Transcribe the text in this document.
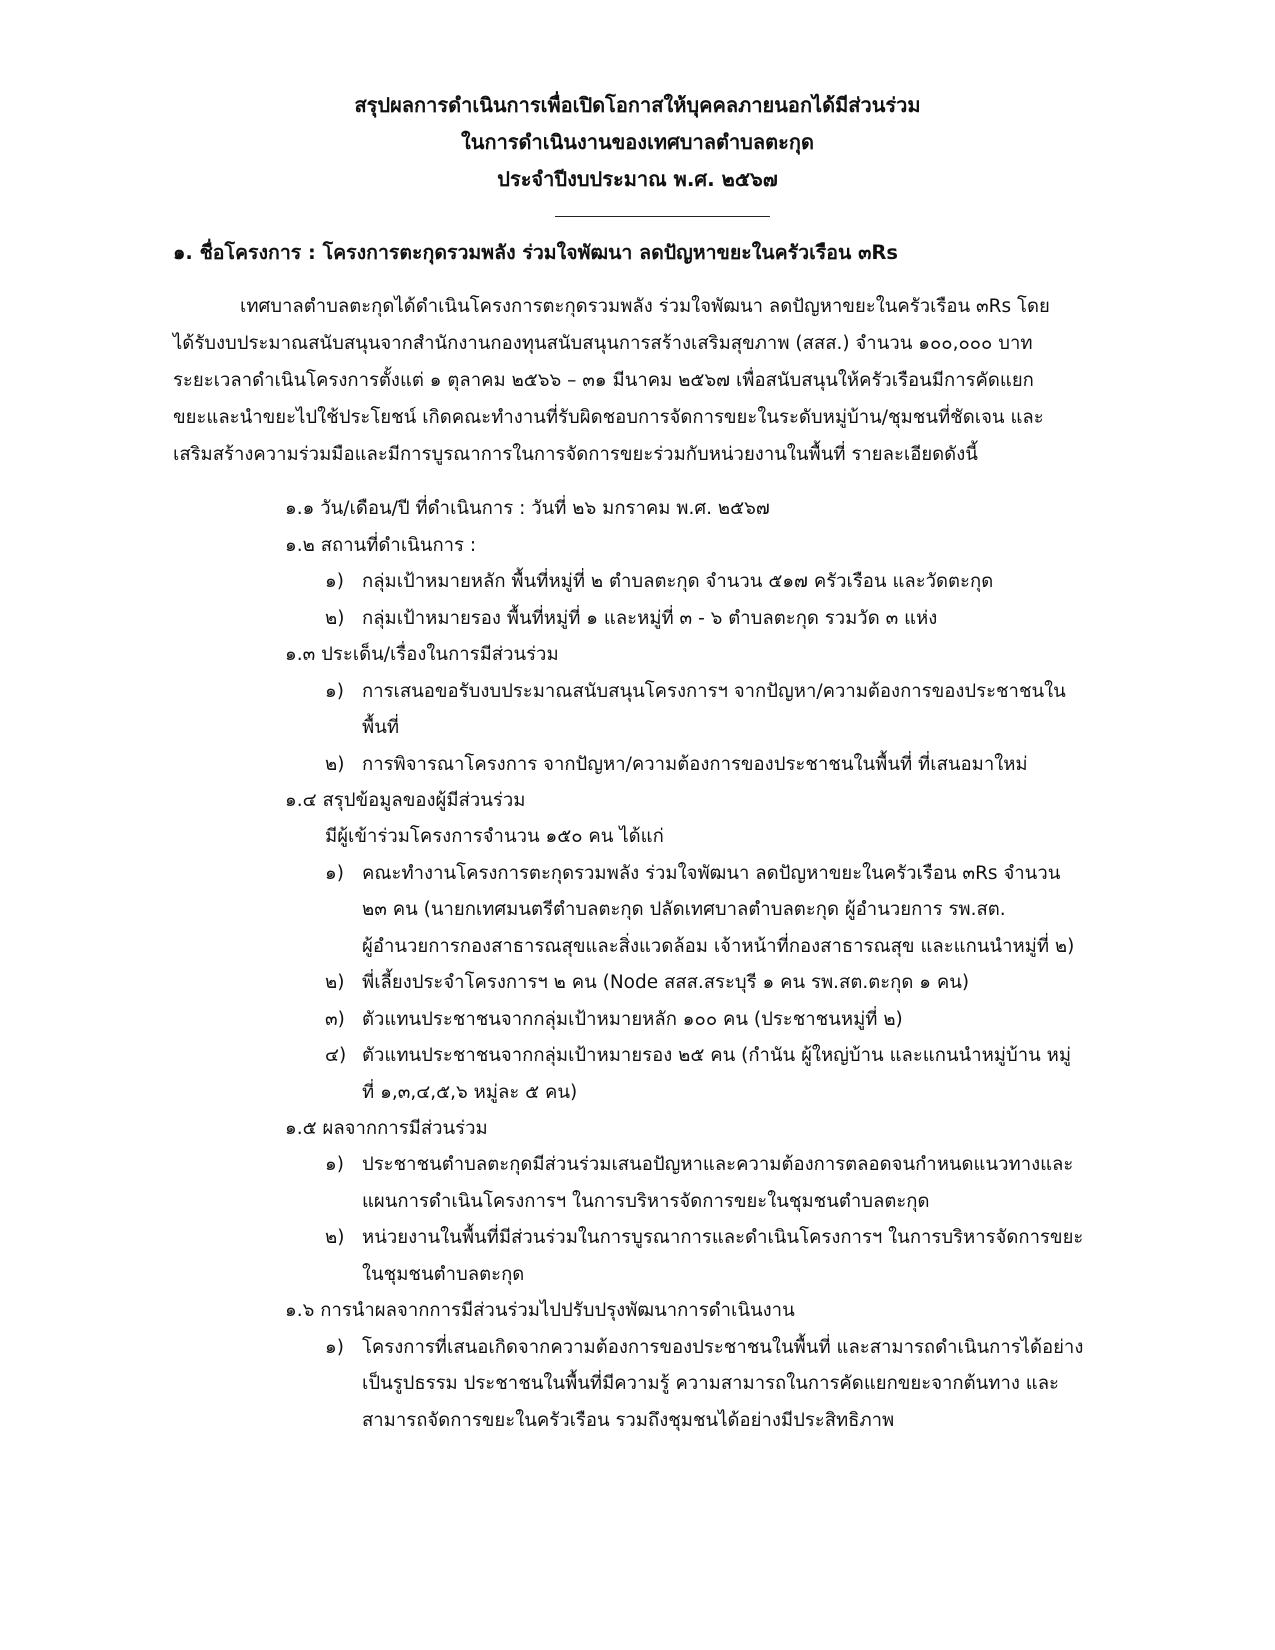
สรุปผลการดำเนินการเพื่อเปิดโอกาสให้บุคคลภายนอกได้มีส่วนร่วม
ในการดำเนินงานของเทศบาลตำบลตะกุด
ประจำปีงบประมาณ พ.ศ. ๒๕๖๗
๑. ชื่อโครงการ : โครงการตะกุดรวมพลัง ร่วมใจพัฒนา ลดปัญหาขยะในครัวเรือน ๓Rs
เทศบาลตำบลตะกุดได้ดำเนินโครงการตะกุดรวมพลัง ร่วมใจพัฒนา ลดปัญหาขยะในครัวเรือน ๓Rs โดย
ได้รับงบประมาณสนับสนุนจากสำนักงานกองทุนสนับสนุนการสร้างเสริมสุขภาพ (สสส.) จำนวน ๑๐๐,๐๐๐ บาท
ระยะเวลาดำเนินโครงการตั้งแต่ ๑ ตุลาคม ๒๕๖๖ – ๓๑ มีนาคม ๒๕๖๗ เพื่อสนับสนุนให้ครัวเรือนมีการคัดแยก
ขยะและนำขยะไปใช้ประโยชน์ เกิดคณะทำงานที่รับผิดชอบการจัดการขยะในระดับหมู่บ้าน/ชุมชนที่ชัดเจน และ
เสริมสร้างความร่วมมือและมีการบูรณาการในการจัดการขยะร่วมกับหน่วยงานในพื้นที่ รายละเอียดดังนี้
๑.๑ วัน/เดือน/ปี ที่ดำเนินการ : วันที่ ๒๖ มกราคม พ.ศ. ๒๕๖๗
๑.๒ สถานที่ดำเนินการ :
๑) กลุ่มเป้าหมายหลัก พื้นที่หมู่ที่ ๒ ตำบลตะกุด จำนวน ๕๑๗ ครัวเรือน และวัดตะกุด
๒) กลุ่มเป้าหมายรอง พื้นที่หมู่ที่ ๑ และหมู่ที่ ๓ - ๖ ตำบลตะกุด รวมวัด ๓ แห่ง
๑.๓ ประเด็น/เรื่องในการมีส่วนร่วม
๑) การเสนอขอรับงบประมาณสนับสนุนโครงการฯ จากปัญหา/ความต้องการของประชาชนใน
พื้นที่
๒) การพิจารณาโครงการ จากปัญหา/ความต้องการของประชาชนในพื้นที่ ที่เสนอมาใหม่
๑.๔ สรุปข้อมูลของผู้มีส่วนร่วม
มีผู้เข้าร่วมโครงการจำนวน ๑๕๐ คน ได้แก่
๑) คณะทำงานโครงการตะกุดรวมพลัง ร่วมใจพัฒนา ลดปัญหาขยะในครัวเรือน ๓Rs จำนวน
๒๓ คน (นายกเทศมนตรีตำบลตะกุด ปลัดเทศบาลตำบลตะกุด ผู้อำนวยการ รพ.สต.
ผู้อำนวยการกองสาธารณสุขและสิ่งแวดล้อม เจ้าหน้าที่กองสาธารณสุข และแกนนำหมู่ที่ ๒)
๒) พี่เลี้ยงประจำโครงการฯ ๒ คน (Node สสส.สระบุรี ๑ คน รพ.สต.ตะกุด ๑ คน)
๓) ตัวแทนประชาชนจากกลุ่มเป้าหมายหลัก ๑๐๐ คน (ประชาชนหมู่ที่ ๒)
๔) ตัวแทนประชาชนจากกลุ่มเป้าหมายรอง ๒๕ คน (กำนัน ผู้ใหญ่บ้าน และแกนนำหมู่บ้าน หมู่
ที่ ๑,๓,๔,๕,๖ หมู่ละ ๕ คน)
๑.๕ ผลจากการมีส่วนร่วม
๑) ประชาชนตำบลตะกุดมีส่วนร่วมเสนอปัญหาและความต้องการตลอดจนกำหนดแนวทางและ
แผนการดำเนินโครงการฯ ในการบริหารจัดการขยะในชุมชนตำบลตะกุด
๒) หน่วยงานในพื้นที่มีส่วนร่วมในการบูรณาการและดำเนินโครงการฯ ในการบริหารจัดการขยะ
ในชุมชนตำบลตะกุด
๑.๖ การนำผลจากการมีส่วนร่วมไปปรับปรุงพัฒนาการดำเนินงาน
๑) โครงการที่เสนอเกิดจากความต้องการของประชาชนในพื้นที่ และสามารถดำเนินการได้อย่าง
เป็นรูปธรรม ประชาชนในพื้นที่มีความรู้ ความสามารถในการคัดแยกขยะจากต้นทาง และ
สามารถจัดการขยะในครัวเรือน รวมถึงชุมชนได้อย่างมีประสิทธิภาพ
